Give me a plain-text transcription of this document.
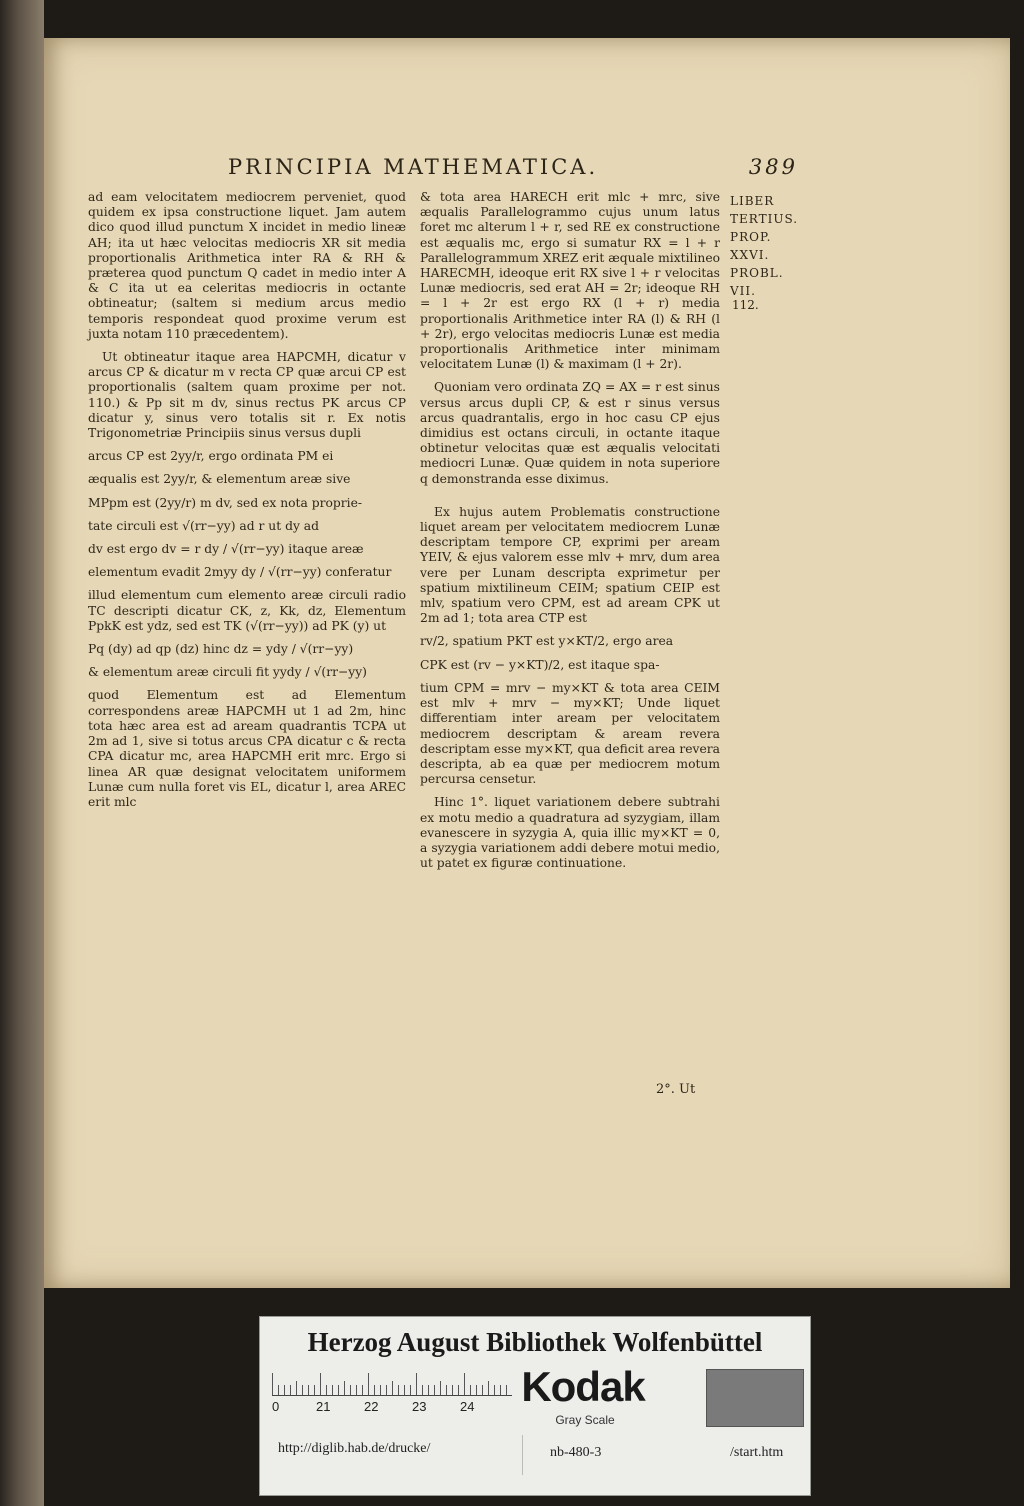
PRINCIPIA MATHEMATICA.	389

ad eam velocitatem mediocrem perveniet, quod quidem ex ipsa constructione liquet. Jam autem dico quod illud punctum X incidet in medio lineæ AH; ita ut hæc velocitas mediocris XR sit media proportionalis Arithmetica inter RA & RH & præterea quod punctum Q cadet in medio inter A & C ita ut ea celeritas mediocris in octante obtineatur; (saltem si medium arcus medio temporis respondeat quod proxime verum est juxta notam 110 præcedentem).

Ut obtineatur itaque area HAPCMH, dicatur v arcus CP & dicatur m v recta CP quæ arcui CP est proportionalis (saltem quam proxime per not. 110.) & Pp sit m dv, sinus rectus PK arcus CP dicatur y, sinus vero totalis sit r. Ex notis Trigonometriæ Principiis sinus versus dupli

arcus CP est 2yy/r, ergo ordinata PM ei
æqualis est 2yy/r, & elementum areæ sive
MPpm est (2yy/r) m dv, sed ex nota proprie-
tate circuli est √(rr−yy) ad r ut dy ad
dv est ergo dv = r dy / √(rr−yy) itaque areæ
elementum evadit 2myy dy / √(rr−yy) conferatur

illud elementum cum elemento areæ circuli radio TC descripti dicatur CK, z, Kk, dz, Elementum PpkK est ydz, sed est TK (√(rr−yy)) ad PK (y) ut

Pq (dy) ad qp (dz) hinc dz = ydy / √(rr−yy)
& elementum areæ circuli fit yydy / √(rr−yy)

quod Elementum est ad Elementum correspondens areæ HAPCMH ut 1 ad 2m, hinc tota hæc area est ad aream quadrantis TCPA ut 2m ad 1, sive si totus arcus CPA dicatur c & recta CPA dicatur mc, area HAPCMH erit mrc. Ergo si linea AR quæ designat velocitatem uniformem Lunæ cum nulla foret vis EL, dicatur l, area AREC erit mlc

& tota area HARECH erit mlc + mrc, sive æqualis Parallelogrammo cujus unum latus foret mc alterum l + r, sed RE ex constructione est æqualis mc, ergo si sumatur RX = l + r Parallelogrammum XREZ erit æquale mixtilineo HARECMH, ideoque erit RX sive l + r velocitas Lunæ mediocris, sed erat AH = 2r; ideoque RH = l + 2r est ergo RX (l + r) media proportionalis Arithmetice inter RA (l) & RH (l + 2r), ergo velocitas mediocris Lunæ est media proportionalis Arithmetice inter minimam velocitatem Lunæ (l) & maximam (l + 2r).

Quoniam vero ordinata ZQ = AX = r est sinus versus arcus dupli CP, & est r sinus versus arcus quadrantalis, ergo in hoc casu CP ejus dimidius est octans circuli, in octante itaque obtinetur velocitas quæ est æqualis velocitati mediocri Lunæ. Quæ quidem in nota superiore q demonstranda esse diximus.

Ex hujus autem Problematis constructione liquet aream per velocitatem mediocrem Lunæ descriptam tempore CP, exprimi per aream YEIV, & ejus valorem esse mlv + mrv, dum area vere per Lunam descripta exprimetur per spatium mixtilineum CEIM; spatium CEIP est mlv, spatium vero CPM, est ad aream CPK ut 2m ad 1; tota area CTP est

rv/2, spatium PKT est y×KT/2, ergo area
CPK est (rv − y×KT)/2, est itaque spa-

tium CPM = mrv − my×KT & tota area CEIM est mlv + mrv − my×KT; Unde liquet differentiam inter aream per velocitatem mediocrem descriptam & aream revera descriptam esse my×KT, qua deficit area revera descripta, ab ea quæ per mediocrem motum percursa censetur.

Hinc 1°. liquet variationem debere subtrahi ex motu medio a quadratura ad syzygiam, illam evanescere in syzygia A, quia illic my×KT = 0, a syzygia variationem addi debere motui medio, ut patet ex figuræ continuatione.

LIBER
TERTIUS.
PROP.
XXVI.
PROBL.
VII.
112.
2°. Ut
Herzog August Bibliothek Wolfenbüttel
0	21	22	23	24 Kodak
Gray Scale
http://diglib.hab.de/drucke/	nb-480-3	/start.htm
